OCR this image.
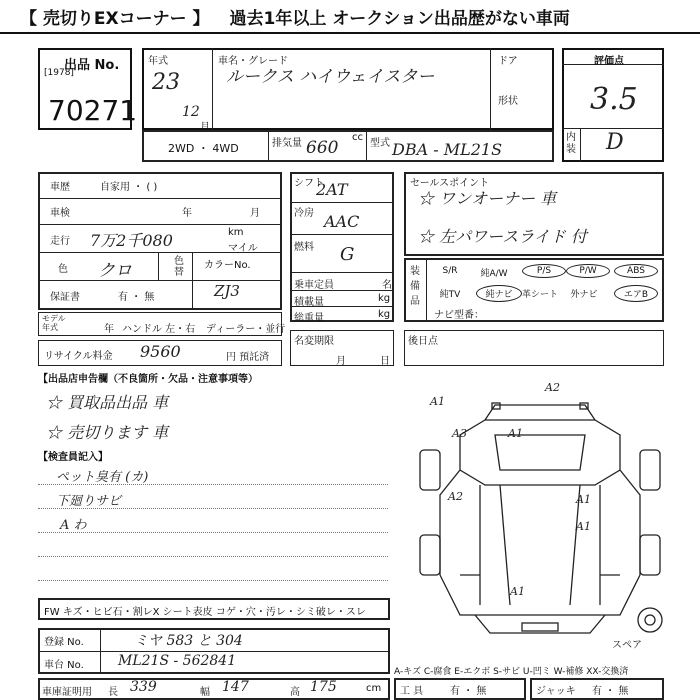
【 売切りEXコーナー 】 過去1年以上 オークション出品歴がない車両
出品 No.
[1978]
70271
年式
23
12
月
車名・グレード
ルークス ハイウェイスター
ドア
形状
評価点
3.5
内装 D
2WD ・ 4WD	排気量 660
cc
型式 DBA - ML21S
車歴	自家用 ・ ( )
車検	年	月
走行 7万2千080	km
マイル
色 クロ	色替
保証書	有 ・ 無
カラーNo.
ZJ3
シフト
2AT
冷房 AAC
燃料 G
乗車定員	名
積載量	kg
総重量	kg
セールスポイント
☆ ワンオーナー 車
☆ 左パワースライド 付
装備品
S/R	純A/W	P/S	P/W	ABS
純TV	純ナビ	革シート	外ナビ	エアB
ナビ型番：
モデル年式	年 ハンドル 左・右 ディーラー・並行
名変期限
月	日
リサイクル料金 9560	円 預託済
後日点
【出品店申告欄（不良箇所・欠品・注意事項等）
☆ 買取品出品 車
☆ 売切ります 車
【検査員記入】
ペット臭有 (カ)
下廻りサビ
A わ
A1
A2
A3	A1
A2	A1
A1
A1
スペア
FW キズ・ヒビ石・割レX シート表皮 コゲ・穴・汚レ・シミ破レ・スレ
登録 No.	ミヤ 583 と 304
車台 No. ML21S - 562841
A-キズ C-腐食 E-エクボ S-サビ U-凹ミ W-補修 XX-交換済
車庫証明用 長 339	幅 147	高 175	cm 工 具	有 ・ 無	ジャッキ 有 ・ 無
